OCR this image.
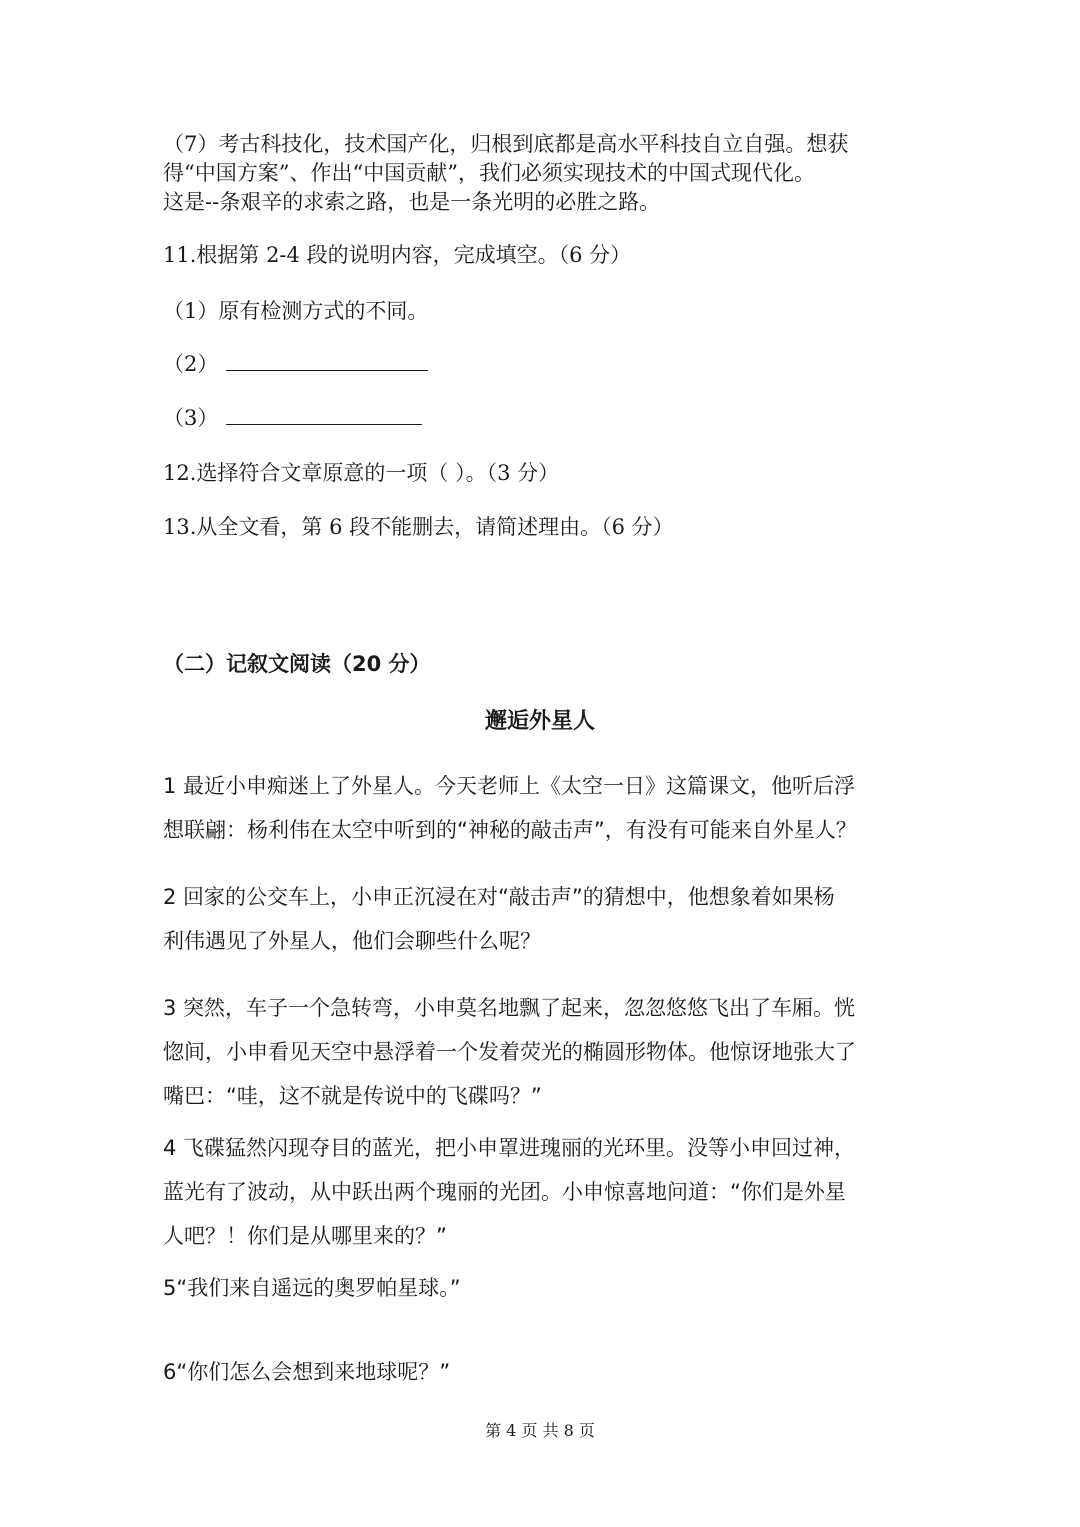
（7）考古科技化，技术国产化，归根到底都是高水平科技自立自强。想获
得“中国方案”、作出“中国贡献”，我们必须实现技术的中国式现代化。
这是--条艰辛的求索之路，也是一条光明的必胜之路。
11.根据第 2-4 段的说明内容，完成填空。（6 分）
（1）原有检测方式的不同。
（2）
（3）
12.选择符合文章原意的一项（ ）。（3 分）
13.从全文看，第 6 段不能删去，请简述理由。（6 分）
（二）记叙文阅读（20 分）
邂逅外星人
1 最近小申痴迷上了外星人。今天老师上《太空一日》这篇课文，他听后浮
想联翩：杨利伟在太空中听到的“神秘的敲击声”，有没有可能来自外星人？
2 回家的公交车上，小申正沉浸在对“敲击声”的猜想中，他想象着如果杨
利伟遇见了外星人，他们会聊些什么呢？
3 突然，车子一个急转弯，小申莫名地飘了起来，忽忽悠悠飞出了车厢。恍
惚间，小申看见天空中悬浮着一个发着荧光的椭圆形物体。他惊讶地张大了
嘴巴：“哇，这不就是传说中的飞碟吗？”
4 飞碟猛然闪现夺目的蓝光，把小申罩进瑰丽的光环里。没等小申回过神，
蓝光有了波动，从中跃出两个瑰丽的光团。小申惊喜地问道：“你们是外星
人吧？！你们是从哪里来的？”
5“我们来自遥远的奥罗帕星球。”
6“你们怎么会想到来地球呢？”
第 4 页 共 8 页
